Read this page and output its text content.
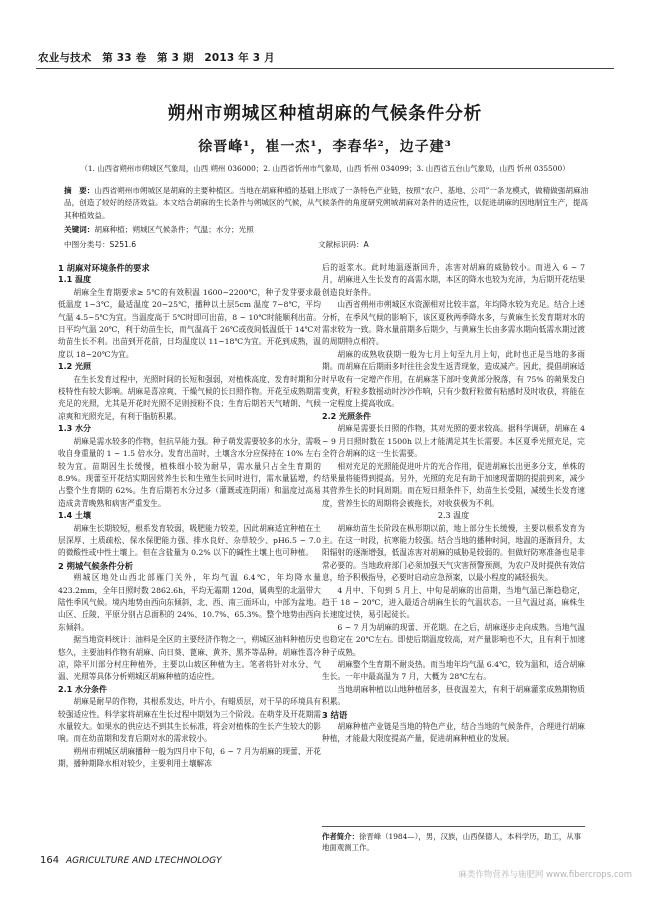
农业与技术　第 33 卷　第 3 期　2013 年 3 月
朔州市朔城区种植胡麻的气候条件分析
徐晋峰¹，崔一杰¹，李春华²，边子建³
（1. 山西省朔州市朔城区气象局，山西 朔州 036000；2. 山西省忻州市气象局，山西 忻州 034099；3. 山西省五台山气象局，山西 忻州 035500）
摘　要：山西省朔州市朔城区是胡麻的主要种植区。当地在胡麻种植的基础上形成了一条特色产业链，按照“农户、基地、公司”一条龙模式，做精做强胡麻油品，创造了较好的经济效益。本文结合胡麻的生长条件与朔城区的气候，从气候条件的角度研究朔城胡麻对条件的适应性，以促进胡麻的因地制宜生产，提高其种植效益。
关键词：胡麻种植；朔城区气候条件；气温；水分；光照
中图分类号：S251.6	文献标识码：A
1 胡麻对环境条件的要求
1.1 温度

胡麻全生育期要求≥ 5℃的有效积温 1600~2200℃，种子发芽要求最低温度 1~3℃，最适温度 20~25℃，播种以土层5cm 温度 7~8℃，平均气温 4.5~5℃为宜。当温度高于 5℃时即可出苗，8 ~ 10℃时能顺利出苗。日平均气温 20℃，利于幼苗生长，而气温高于 26℃或夜间低温低于 14℃对幼苗生长不利。出苗到开花前，日均温度以 11~18℃为宜。开花到成熟，温度以 18~20℃为宜。

1.2 光照

在生长发育过程中，光照时间的长短和强弱，对植株高度、发育时期和分枝特性有较大影响。胡麻是喜凉爽、干燥气候的长日照作物。开花至成熟期需充足的光照，尤其是开花时光照不足则授粉不良；生育后期若天气晴朗、气候凉爽和光照充足，有利于脂肪积累。

1.3 水分

胡麻是需水较多的作物，但抗旱能力强。种子萌发需要较多的水分，需吸收自身重量的 1 ~ 1.5 倍水分。发育出苗时，土壤含水分应保持在 10% 左右较为宜。苗期因生长缓慢，植株细小较为耐旱，需水量只占全生育期的 8.9%。现蕾至开花结实期因营养生长和生殖生长同时进行，需水量猛增，约占整个生育期的 62%。生育后期若水分过多（灌溉或连阴雨）和温度过高易造成贪青晚熟和病害严重发生。

1.4 土壤

胡麻生长期较短，根系发育较弱，吸肥能力较差，因此胡麻适宜种植在土层深厚、土质疏松、保水保肥能力强、排水良好、杂草较少、pH6.5 ~ 7.0 的微酸性或中性土壤上。但在含盐量为 0.2% 以下的碱性土壤上也可种植。

2 朔城气候条件分析

朔城区地处山西北部雁门关外，年均气温 6.4℃，年均降水量 423.2mm，全年日照时数 2862.6h，平均无霜期 120d，属典型的北温带大陆性季风气候。境内地势由西向东倾斜，北、西、南三面环山，中部为盆地。山区、丘陵、平原分别占总面积的 24%、10.7%、65.3%。整个地势由西向东倾斜。

据当地资料统计：油料是全区的主要经济作物之一，朔城区油料种植历史悠久，主要油料作物有胡麻、向日葵、蓖麻、黄芥、黑芥等品种。胡麻性喜冷凉，除平川部分村庄种植外，主要以山坡区种植为主。笔者将针对水分、气温、光照等具体分析朔城区胡麻种植的适应性。

2.1 水分条件

胡麻是耐旱的作物，其根系发达，叶片小，有蜡质层，对干旱的环境具有较强适应性。科学家将胡麻在生长过程中期划为三个阶段。在萌芽及开花期需水量较大。如果水的供应达不到其生长标准，将会对植株的生长产生较大的影响。而在幼苗期和发育后期对水的需求较小。

朔州市朔城区胡麻播种一般为四月中下旬，6 ~ 7 月为胡麻的现蕾、开花期，播种期降水相对较少，主要利用土壤解冻

后的返浆水。此时地温逐渐回升，冻害对胡麻的威胁较小。而进入 6 ~ 7 月，胡麻进入生长发育的高需水期，本区的降水也较为充沛，为后期开花结果创造良好条件。

山西省朔州市朔城区水资源相对比较丰富，年均降水较为充足。结合上述分析，在季风气候的影响下，该区夏秋两季降水多，与黄麻生长发育期对水的需求较为一致。降水量前期多后期少，与黄麻生长由多需水期向低需水期过渡的周期特点相符。

胡麻的成熟收获期一般为七月上旬至九月上旬，此时也正是当地的多雨期。而胡麻在后期雨多时往往会发生返青现象，造成减产。因此，提倡胡麻适时早收有一定增产作用，在胡麻茎下部叶变黄部分脱落，有 75% 的蒴果发白变黄，籽粒多数摇动时沙沙作响，只有少数籽粒微有粘感时及时收获，将能在一定程度上提高收成。

2.2 光照条件

胡麻是需要长日照的作物，其对光照的要求较高。据科学调研，胡麻在 4 ~ 9 月日照时数在 1500h 以上才能满足其生长需要。本区夏季光照充足，完全符合胡麻的这一生长需要。

相对充足的光照能促进叶片的光合作用，促进胡麻长出更多分支，单株的结果量将能得到提高。另外，光照的充足有助于加速现蕾期的提前到来，减少其营养生长的时间周期。而在短日照条件下，幼苗生长受阻，减缓生长发育速度，营养生长的周期将会被拖长，对收获极为不利。

2.3 温度

胡麻幼苗生长阶段在枞形期以前，地上部分生长缓慢，主要以根系发育为主。在这一时段，抗寒能力较强。结合当地的播种时间，地温的逐渐回升，太阳辐射的逐渐增强，低温冻害对胡麻的威胁是较弱的。但做好防寒准备也是非常必要的。当地政府部门必须加强天气灾害预警预测，为农户及时提供有效信息，给予积极指导，必要时启动应急预案，以最小程度的减轻损失。

4 月中、下旬到 5 月上、中旬是胡麻的出苗期，当地气温已渐趋稳定，趋于 18 ~ 20℃，进入最适合胡麻生长的气温状态。一旦气温过高，麻株生长速度过快，易引起徒长。

6 ~ 7 月为胡麻的现蕾、开花期。在之后，胡麻逐步走向成熟。当地气温也稳定在 20℃左右。即使后期温度较高，对产量影响也不大，且有利于加速种子成熟。

胡麻整个生育期不耐炎热。而当地年均气温 6.4℃，较为温和，适合胡麻生长。一年中最高温为 7 月，大概为 28℃左右。

当地胡麻种植以山地种植居多，昼夜温差大，有利于胡麻灌浆成熟期物质积累。

3 结语

胡麻种植产业链是当地的特色产业，结合当地的气候条件，合理进行胡麻种植，才能最大限度提高产量，促进胡麻种植业的发展。

作者简介：徐晋峰（1984—），男，汉族，山西保德人，本科学历，助工，从事地面观测工作。
164 AGRICULTURE AND LTECHNOLOGY
麻类作物营养与施肥网 www.fibercrops.com
